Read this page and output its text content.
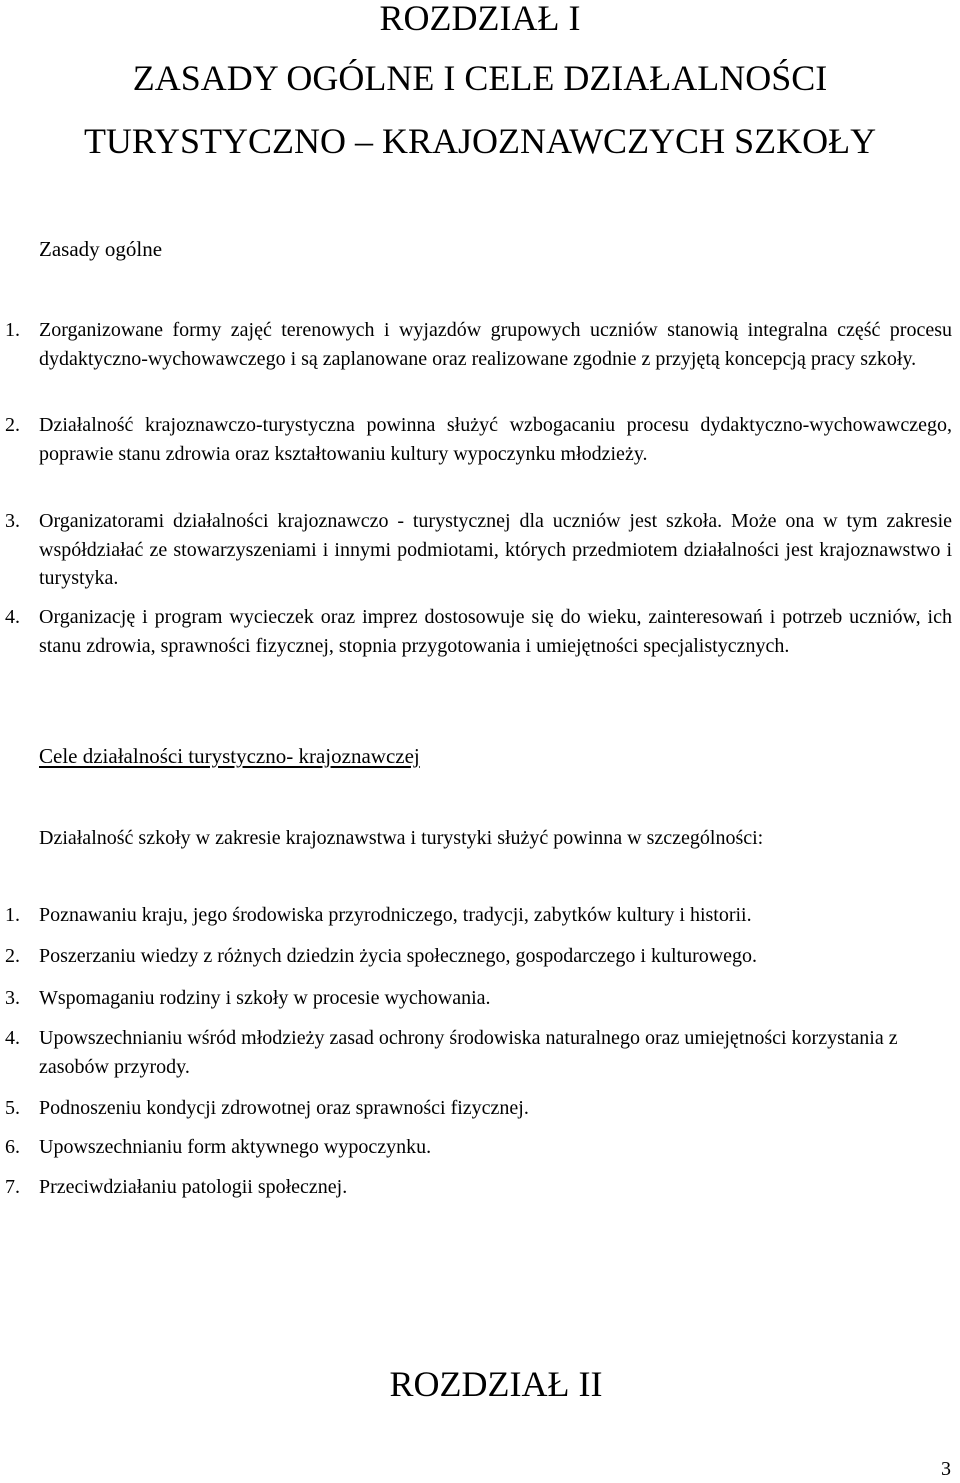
ROZDZIAŁ I
ZASADY OGÓLNE I CELE DZIAŁALNOŚCI
TURYSTYCZNO – KRAJOZNAWCZYCH SZKOŁY
Zasady ogólne
1. Zorganizowane formy zajęć terenowych i wyjazdów grupowych uczniów stanowią integralna część procesu dydaktyczno-wychowawczego i są zaplanowane oraz realizowane zgodnie z przyjętą koncepcją pracy szkoły.
2. Działalność krajoznawczo-turystyczna powinna służyć wzbogacaniu procesu dydaktyczno-wychowawczego, poprawie stanu zdrowia oraz kształtowaniu kultury wypoczynku młodzieży.
3. Organizatorami działalności krajoznawczo - turystycznej dla uczniów jest szkoła. Może ona w tym zakresie współdziałać ze stowarzyszeniami i innymi podmiotami, których przedmiotem działalności jest krajoznawstwo i turystyka.
4. Organizację i program wycieczek oraz imprez dostosowuje się do wieku, zainteresowań i potrzeb uczniów, ich stanu zdrowia, sprawności fizycznej, stopnia przygotowania i umiejętności specjalistycznych.
Cele działalności turystyczno- krajoznawczej
Działalność szkoły w zakresie krajoznawstwa i turystyki służyć powinna w szczególności:
1. Poznawaniu kraju, jego środowiska przyrodniczego, tradycji, zabytków kultury i historii.
2. Poszerzaniu wiedzy z różnych dziedzin życia społecznego, gospodarczego i kulturowego.
3. Wspomaganiu rodziny i szkoły w procesie wychowania.
4. Upowszechnianiu wśród młodzieży zasad ochrony środowiska naturalnego oraz umiejętności korzystania z zasobów przyrody.
5. Podnoszeniu kondycji zdrowotnej oraz sprawności fizycznej.
6. Upowszechnianiu form aktywnego wypoczynku.
7. Przeciwdziałaniu patologii społecznej.
ROZDZIAŁ II
3
